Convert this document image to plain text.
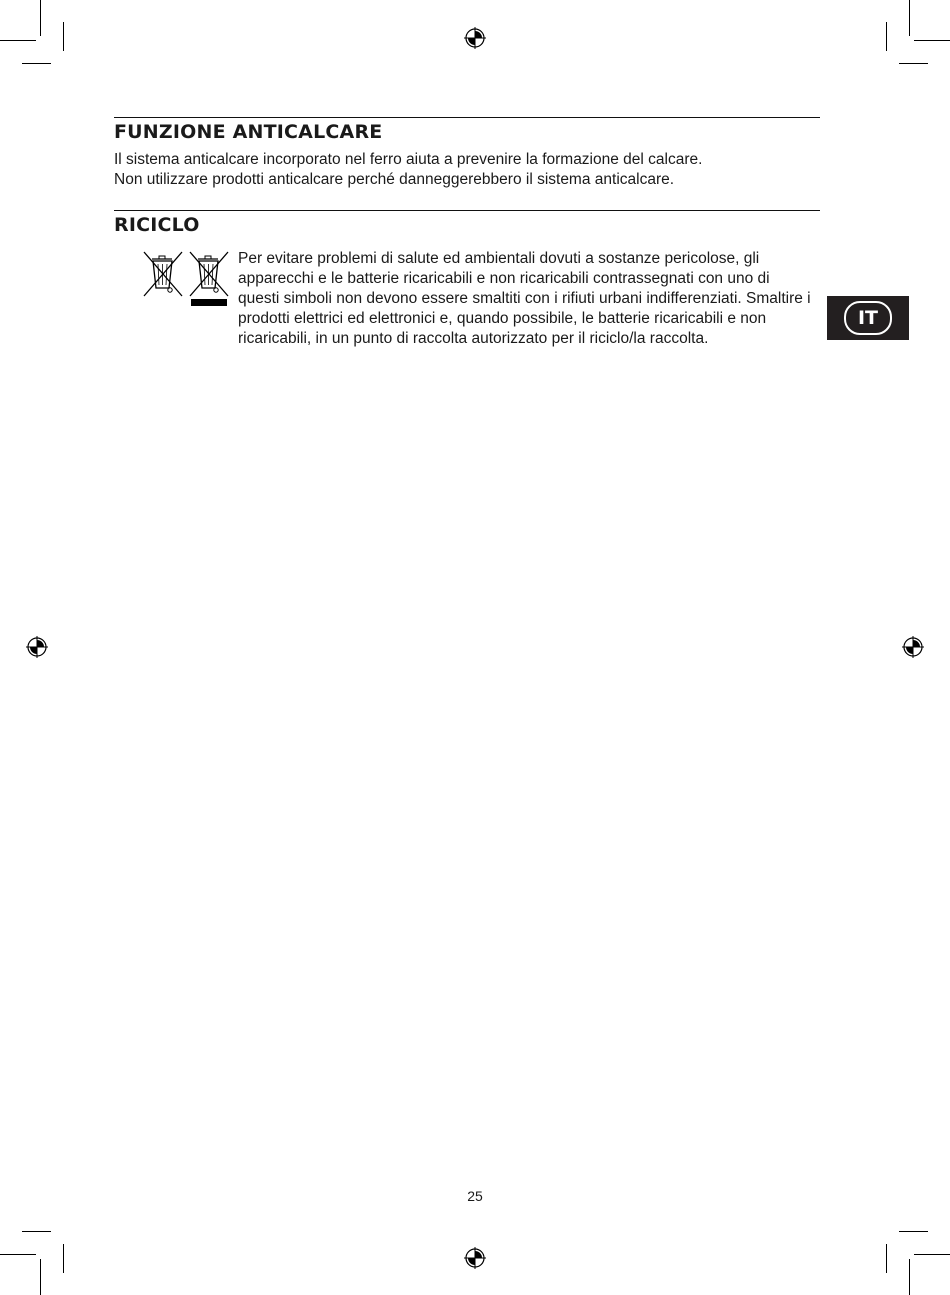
FUNZIONE ANTICALCARE

Il sistema anticalcare incorporato nel ferro aiuta a prevenire la formazione del calcare.
Non utilizzare prodotti anticalcare perché danneggerebbero il sistema anticalcare.

RICICLO
Per evitare problemi di salute ed ambientali dovuti a sostanze pericolose, gli apparecchi e le batterie ricaricabili e non ricaricabili contrassegnati con uno di questi simboli non devono essere smaltiti con i rifiuti urbani indifferenziati. Smaltire i prodotti elettrici ed elettronici e, quando possibile, le batterie ricaricabili e non ricaricabili, in un punto di raccolta autorizzato per il riciclo/la raccolta.
IT
25
